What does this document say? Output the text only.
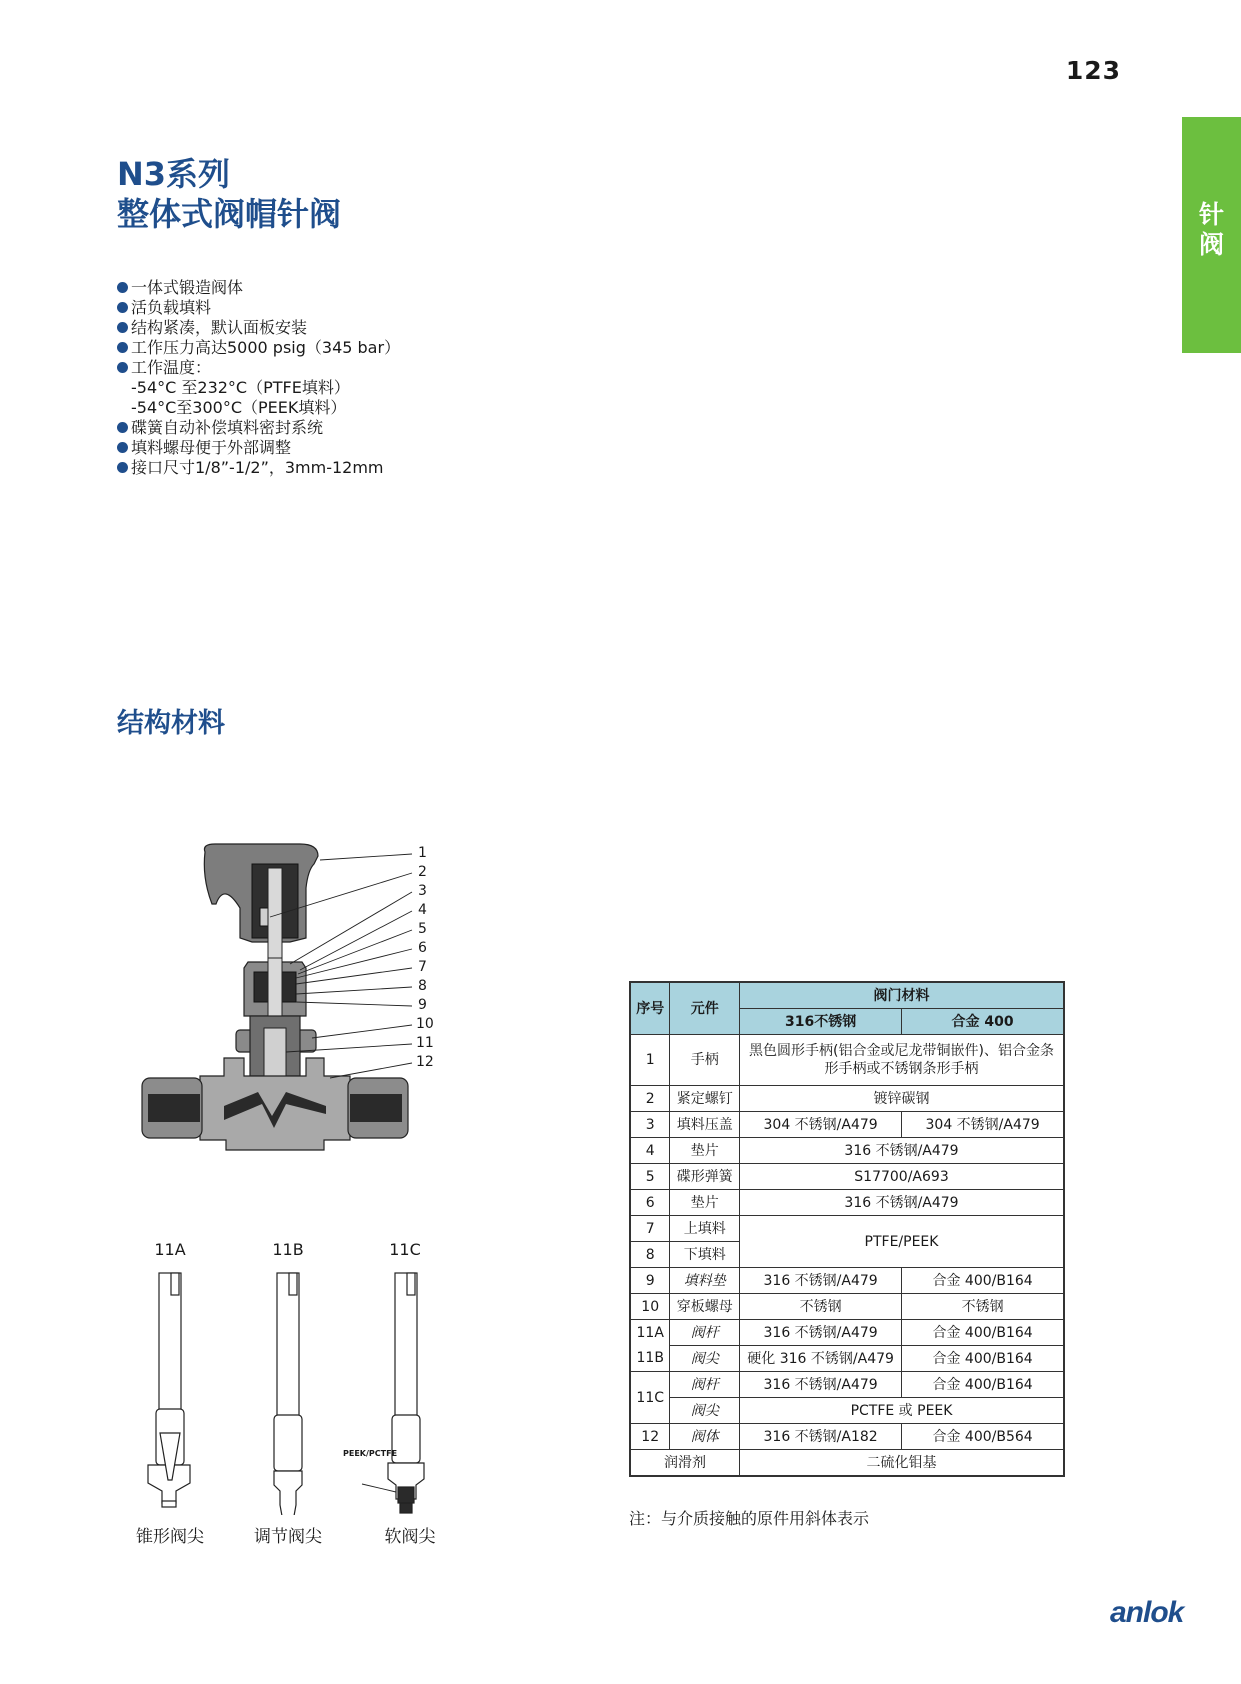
123
针
阀
N3系列
整体式阀帽针阀
一体式锻造阀体
活负载填料
结构紧凑，默认面板安装
工作压力高达5000 psig（345 bar）
工作温度：
-54°C 至232°C（PTFE填料）
-54°C至300°C（PEEK填料）
碟簧自动补偿填料密封系统
填料螺母便于外部调整
接口尺寸1/8”-1/2”，3mm-12mm
结构材料
1
2
3
4
5
6
7
8
9
10
11
12
11A	11B	11C
PEEK/PCTFE
锥形阀尖	调节阀尖	软阀尖
序号	元件	阀门材料	
		316不锈钢	合金 400
1	手柄	黑色圆形手柄(铝合金或尼龙带铜嵌件)、铝合金条形手柄或不锈钢条形手柄	
2	紧定螺钉	镀锌碳钢	
3	填料压盖	304 不锈钢/A479	304 不锈钢/A479
4	垫片	316 不锈钢/A479	
5	碟形弹簧	S17700/A693	
6	垫片	316 不锈钢/A479	
7	上填料	PTFE/PEEK	
8	下填料		
9	填料垫	316 不锈钢/A479	合金 400/B164
10	穿板螺母	不锈钢	不锈钢
11A	阀杆	316 不锈钢/A479	合金 400/B164
11B	阀尖	硬化 316 不锈钢/A479	合金 400/B164
11C	阀杆	316 不锈钢/A479	合金 400/B164
	阀尖	PCTFE 或 PEEK	
12	阀体	316 不锈钢/A182	合金 400/B564
润滑剂		二硫化钼基	
注：与介质接触的原件用斜体表示
anlok
